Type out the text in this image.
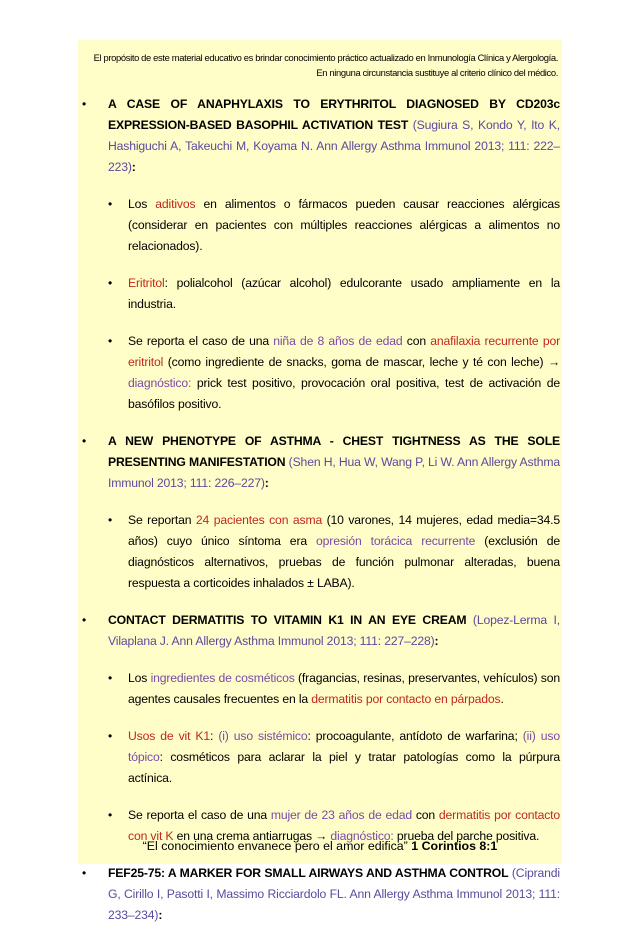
El propósito de este material educativo es brindar conocimiento práctico actualizado en Inmunología Clínica y Alergología.
En ninguna circunstancia sustituye al criterio clínico del médico.
• A CASE OF ANAPHYLAXIS TO ERYTHRITOL DIAGNOSED BY CD203c EXPRESSION-BASED BASOPHIL ACTIVATION TEST (Sugiura S, Kondo Y, Ito K, Hashiguchi A, Takeuchi M, Koyama N. Ann Allergy Asthma Immunol 2013; 111: 222–223):
• Los aditivos en alimentos o fármacos pueden causar reacciones alérgicas (considerar en pacientes con múltiples reacciones alérgicas a alimentos no relacionados).
• Eritritol: polialcohol (azúcar alcohol) edulcorante usado ampliamente en la industria.
• Se reporta el caso de una niña de 8 años de edad con anafilaxia recurrente por eritritol (como ingrediente de snacks, goma de mascar, leche y té con leche) → diagnóstico: prick test positivo, provocación oral positiva, test de activación de basófilos positivo.
• A NEW PHENOTYPE OF ASTHMA - CHEST TIGHTNESS AS THE SOLE PRESENTING MANIFESTATION (Shen H, Hua W, Wang P, Li W. Ann Allergy Asthma Immunol 2013; 111: 226–227):
• Se reportan 24 pacientes con asma (10 varones, 14 mujeres, edad media=34.5 años) cuyo único síntoma era opresión torácica recurrente (exclusión de diagnósticos alternativos, pruebas de función pulmonar alteradas, buena respuesta a corticoides inhalados ± LABA).
• CONTACT DERMATITIS TO VITAMIN K1 IN AN EYE CREAM (Lopez-Lerma I, Vilaplana J. Ann Allergy Asthma Immunol 2013; 111: 227–228):
• Los ingredientes de cosméticos (fragancias, resinas, preservantes, vehículos) son agentes causales frecuentes en la dermatitis por contacto en párpados.
• Usos de vit K1: (i) uso sistémico: procoagulante, antídoto de warfarina; (ii) uso tópico: cosméticos para aclarar la piel y tratar patologías como la púrpura actínica.
• Se reporta el caso de una mujer de 23 años de edad con dermatitis por contacto con vit K en una crema antiarrugas → diagnóstico: prueba del parche positiva.
• FEF25-75: A MARKER FOR SMALL AIRWAYS AND ASTHMA CONTROL (Ciprandi G, Cirillo I, Pasotti I, Massimo Ricciardolo FL. Ann Allergy Asthma Immunol 2013; 111: 233–234):
“El conocimiento envanece pero el amor edifica” 1 Corintios 8:1
